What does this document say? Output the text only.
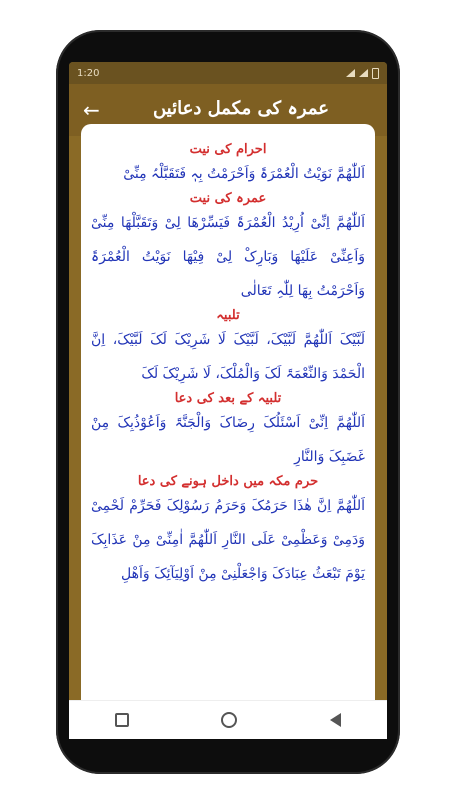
1:20
←	عمرہ کی مکمل دعائیں

احرام کی نیت

اَللّٰھُمَّ نَوَیْتُ الْعُمْرَۃَ وَاَحْرَمْتُ بِہٖ فَتَقَبَّلْہُ مِنِّیْ

عمرہ کی نیت

اَللّٰھُمَّ اِنِّیْ اُرِیْدُ الْعُمْرَۃَ فَیَسِّرْھَا لِیْ وَتَقَبَّلْھَا مِنِّیْ وَاَعِنِّیْ عَلَیْھَا وَبَارِکْ لِیْ فِیْھَا نَوَیْتُ الْعُمْرَۃَ وَاَحْرَمْتُ بِھَا لِلّٰہِ تَعَالٰی

تلبیہ

لَبَّیْکَ اَللّٰھُمَّ لَبَّیْکَ، لَبَّیْکَ لَا شَرِیْکَ لَکَ لَبَّیْکَ، اِنَّ الْحَمْدَ وَالنِّعْمَۃَ لَکَ وَالْمُلْکَ، لَا شَرِیْکَ لَکَ

تلبیہ کے بعد کی دعا

اَللّٰھُمَّ اِنِّیْ اَسْئَلُکَ رِضَاکَ وَالْجَنَّۃَ وَاَعُوْذُبِکَ مِنْ غَضَبِکَ وَالنَّارِ

حرم مکہ میں داخل ہونے کی دعا

اَللّٰھُمَّ اِنَّ ھٰذَا حَرَمُکَ وَحَرَمُ رَسُوْلِکَ فَحَرِّمْ لَحْمِیْ وَدَمِیْ وَعَظْمِیْ عَلَی النَّارِ اَللّٰھُمَّ اٰمِنِّیْ مِنْ عَذَابِکَ یَوْمَ تَبْعَثُ عِبَادَکَ وَاجْعَلْنِیْ مِنْ اَوْلِیَآئِکَ وَاَھْلِ
